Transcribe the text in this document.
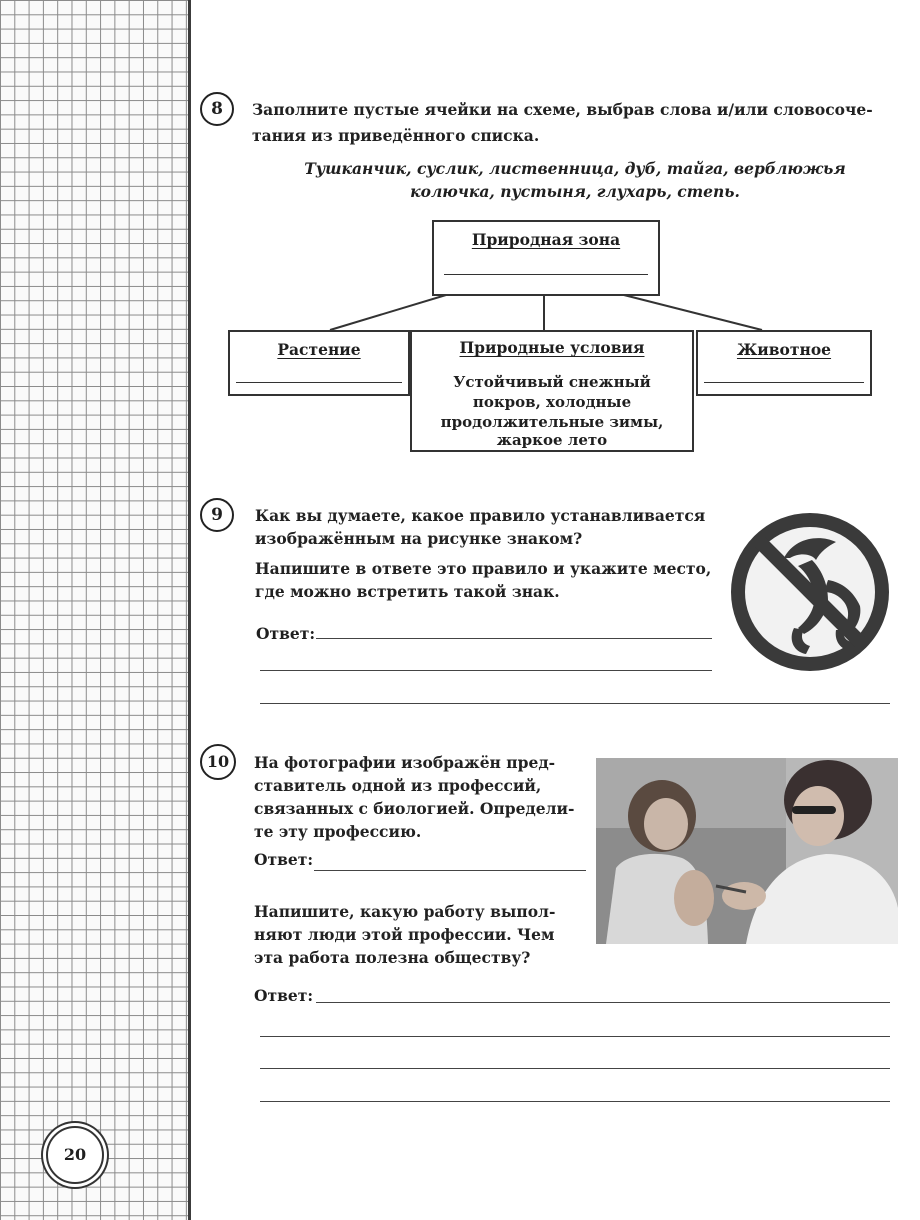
8	Заполните пустые ячейки на схеме, выбрав слова и/или словосоче-
тания из приведённого списка.
Тушканчик, суслик, лиственница, дуб, тайга, верблюжья
колючка, пустыня, глухарь, степь.
Природная зона
Растение	Природные условия
Устойчивый снежный
покров, холодные
продолжительные зимы,
жаркое лето
Животное
9	Как вы думаете, какое правило устанавливается
изображённым на рисунке знаком?
Напишите в ответе это правило и укажите место,
где можно встретить такой знак.
Ответ:
10	На фотографии изображён пред-
ставитель одной из профессий,
связанных с биологией. Определи-
те эту профессию.
Ответ:
Напишите, какую работу выпол-
няют люди этой профессии. Чем
эта работа полезна обществу?
Ответ:
20
